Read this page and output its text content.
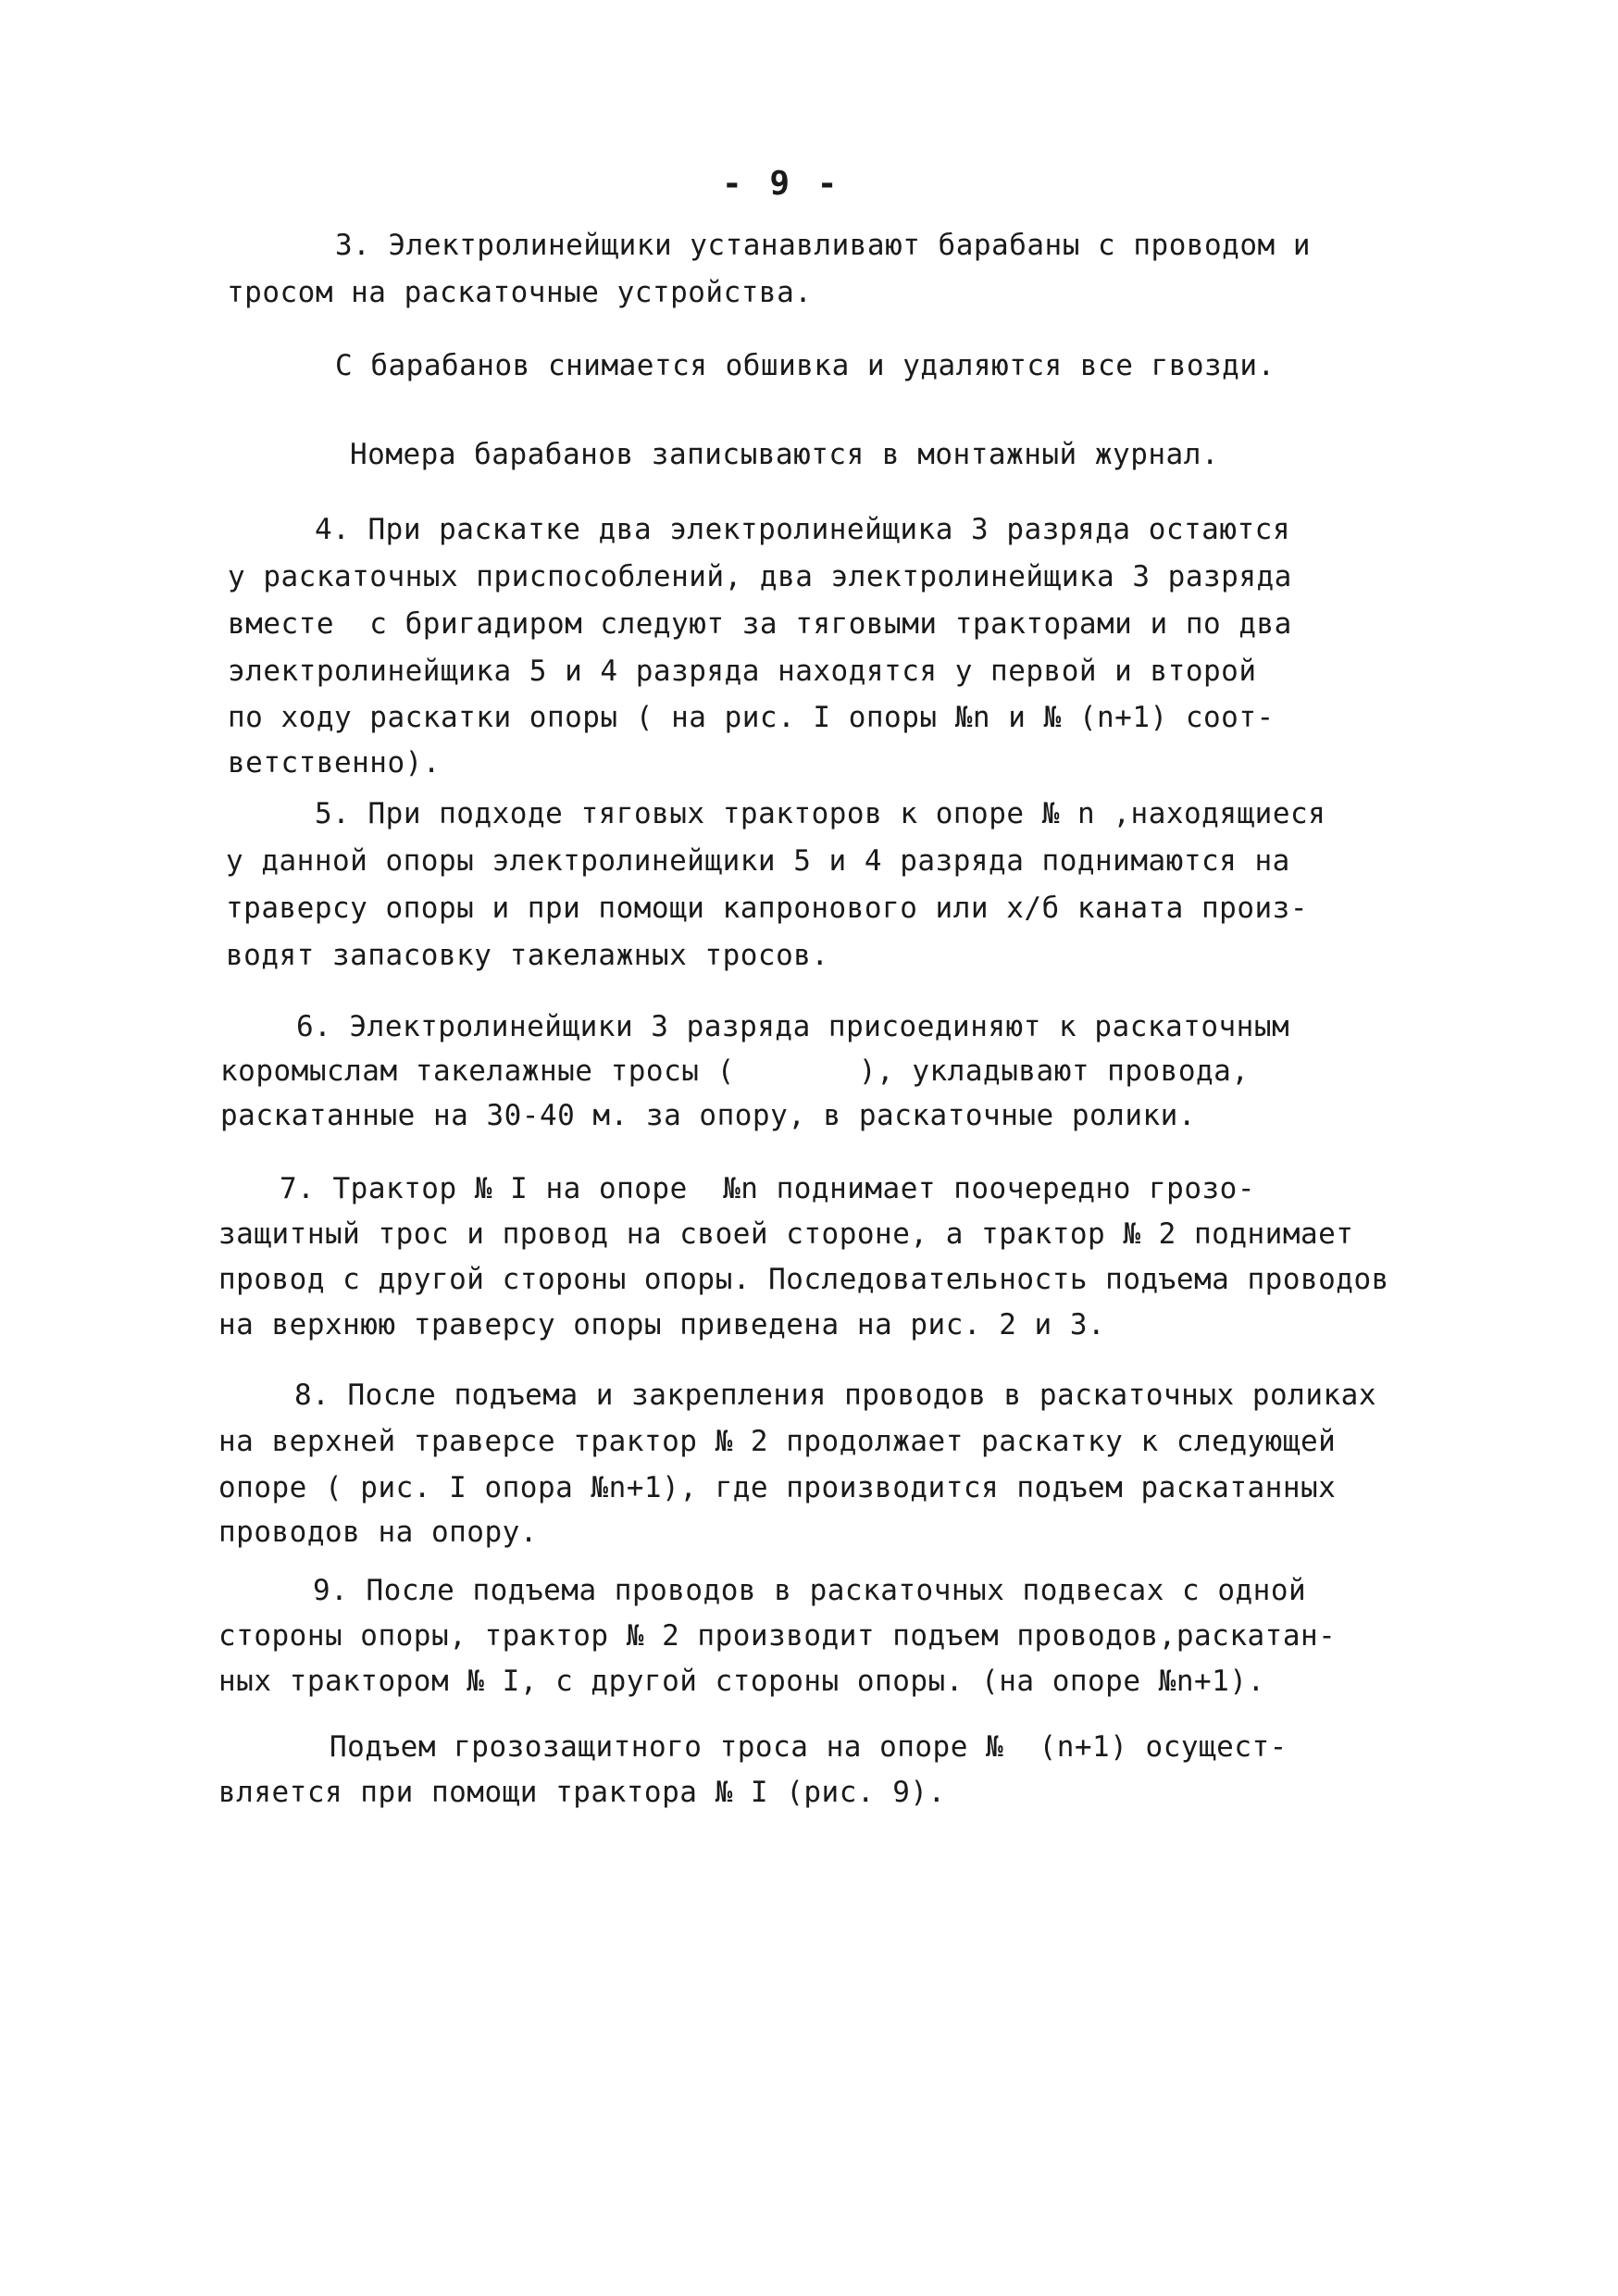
- 9 -
3. Электролинейщики устанавливают барабаны с проводом и
тросом на раскаточные устройства.
С барабанов снимается обшивка и удаляются все гвозди.
Номера барабанов записываются в монтажный журнал.
4. При раскатке два электролинейщика 3 разряда остаются
у раскаточных приспособлений, два электролинейщика 3 разряда
вместе  с бригадиром следуют за тяговыми тракторами и по два
электролинейщика 5 и 4 разряда находятся у первой и второй
по ходу раскатки опоры ( на рис. I опоры №n и № (n+1) соот-
ветственно).
5. При подходе тяговых тракторов к опоре № n ,находящиеся
у данной опоры электролинейщики 5 и 4 разряда поднимаются на
траверсу опоры и при помощи капронового или х/б каната произ-
водят запасовку такелажных тросов.
6. Электролинейщики 3 разряда присоединяют к раскаточным
коромыслам такелажные тросы (       ), укладывают провода,
раскатанные на 30-40 м. за опору, в раскаточные ролики.
7. Трактор № I на опоре  №n поднимает поочередно грозо-
защитный трос и провод на своей стороне, а трактор № 2 поднимает
провод с другой стороны опоры. Последовательность подъема проводов
на верхнюю траверсу опоры приведена на рис. 2 и 3.
8. После подъема и закрепления проводов в раскаточных роликах
на верхней траверсе трактор № 2 продолжает раскатку к следующей
опоре ( рис. I опора №n+1), где производится подъем раскатанных
проводов на опору.
9. После подъема проводов в раскаточных подвесах с одной
стороны опоры, трактор № 2 производит подъем проводов,раскатан-
ных трактором № I, с другой стороны опоры. (на опоре №n+1).
Подъем грозозащитного троса на опоре №  (n+1) осущест-
вляется при помощи трактора № I (рис. 9).
